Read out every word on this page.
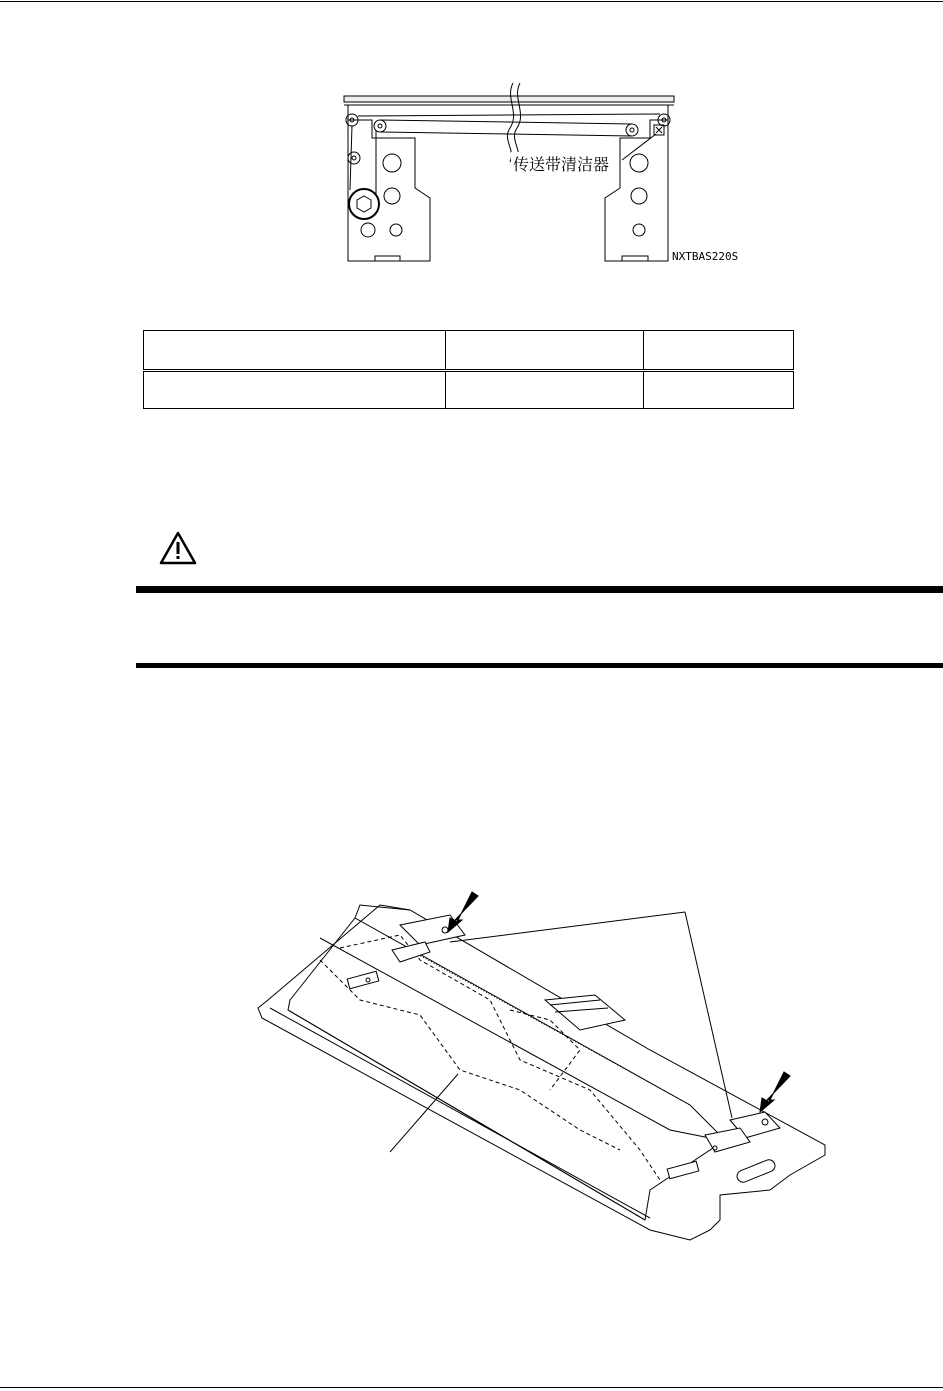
传送带清洁器
NXTBAS220S
